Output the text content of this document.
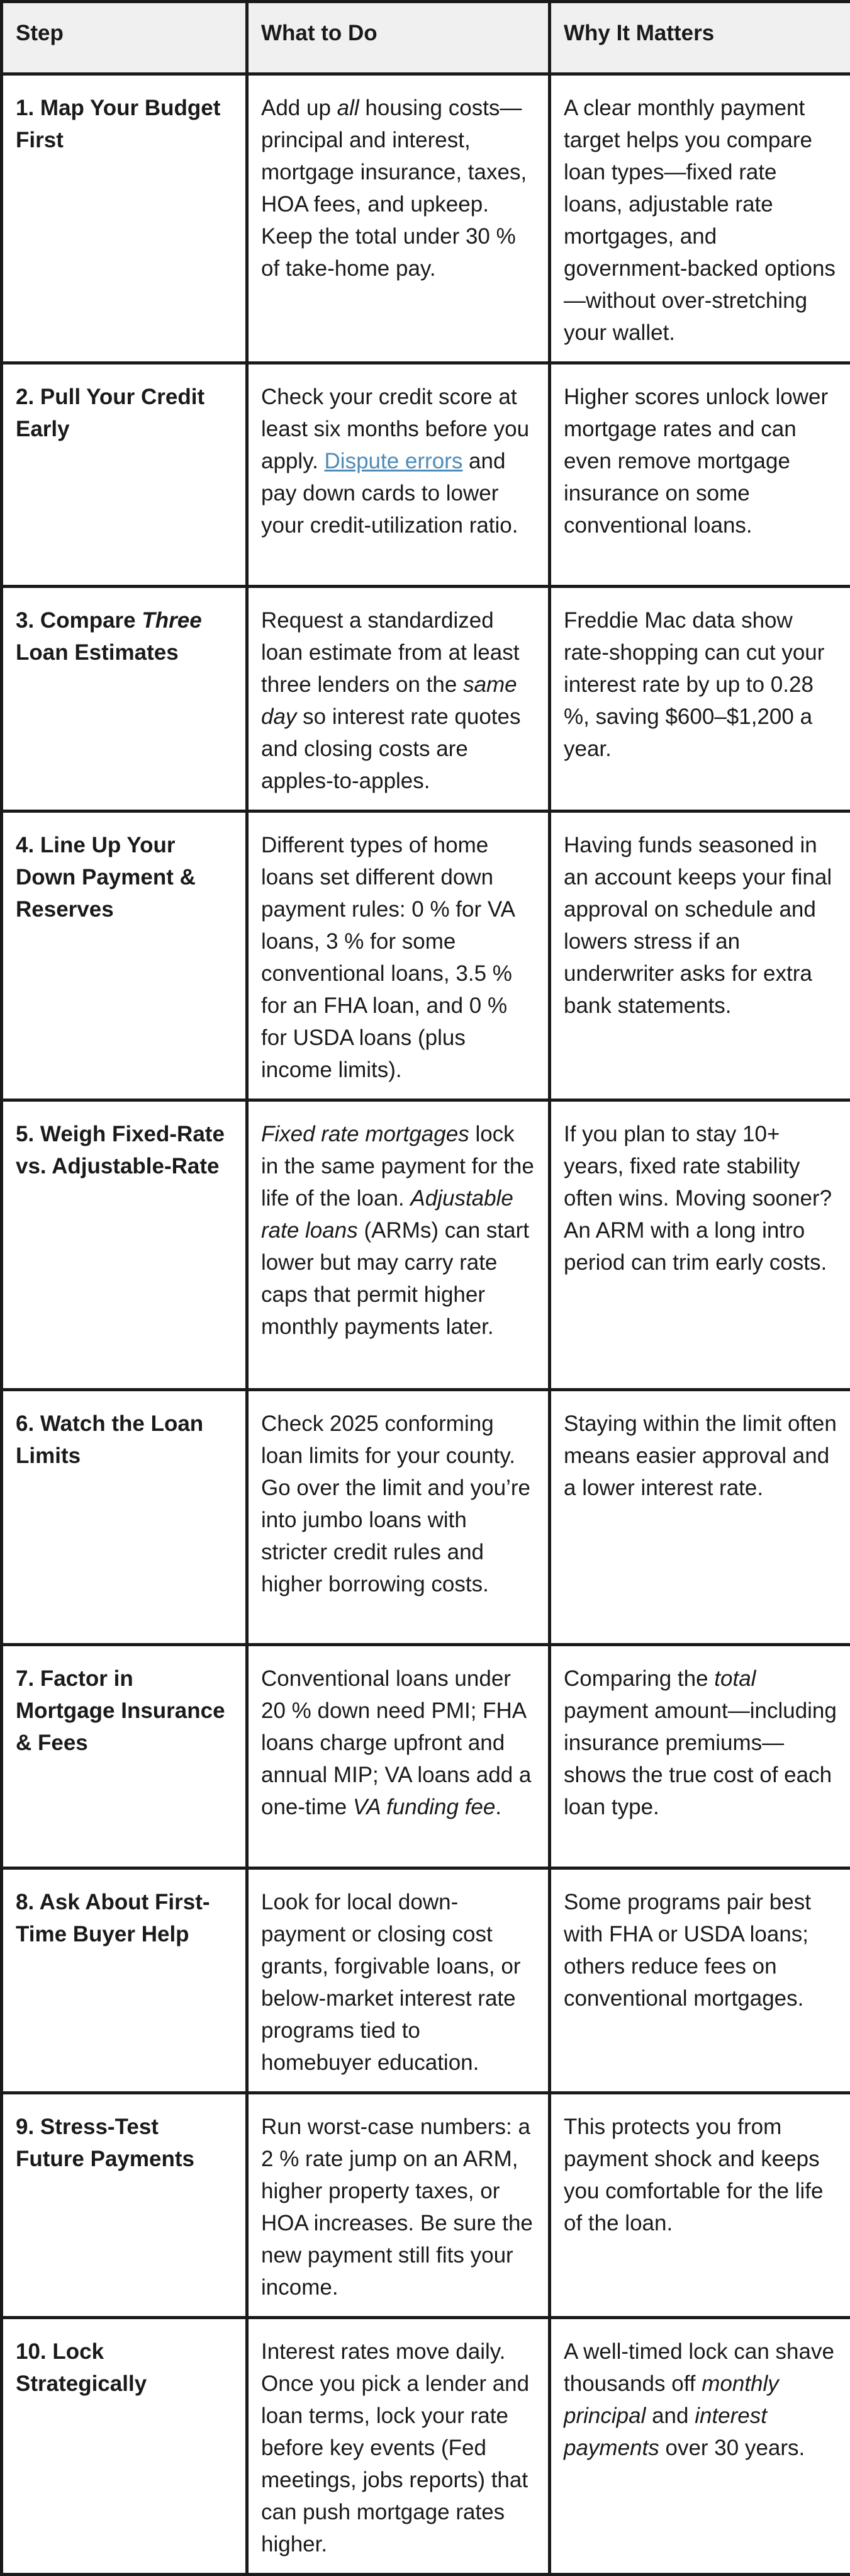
Step	What to Do	Why It Matters
1. Map Your Budget First	Add up all housing costs—principal and interest, mortgage insurance, taxes, HOA fees, and upkeep. Keep the total under 30 % of take-home pay.	A clear monthly payment target helps you compare loan types—fixed rate loans, adjustable rate mortgages, and government-backed options—without over-stretching your wallet.
2. Pull Your Credit Early	Check your credit score at least six months before you apply. Dispute errors and pay down cards to lower your credit-utilization ratio.	Higher scores unlock lower mortgage rates and can even remove mortgage insurance on some conventional loans.
3. Compare Three Loan Estimates	Request a standardized loan estimate from at least three lenders on the same day so interest rate quotes and closing costs are apples-to-apples.	Freddie Mac data show rate-shopping can cut your interest rate by up to 0.28 %, saving $600–$1,200 a year.
4. Line Up Your Down Payment & Reserves	Different types of home loans set different down payment rules: 0 % for VA loans, 3 % for some conventional loans, 3.5 % for an FHA loan, and 0 % for USDA loans (plus income limits).	Having funds seasoned in an account keeps your final approval on schedule and lowers stress if an underwriter asks for extra bank statements.
5. Weigh Fixed-Rate vs. Adjustable-Rate	Fixed rate mortgages lock in the same payment for the life of the loan. Adjustable rate loans (ARMs) can start lower but may carry rate caps that permit higher monthly payments later.	If you plan to stay 10+ years, fixed rate stability often wins. Moving sooner? An ARM with a long intro period can trim early costs.
6. Watch the Loan Limits	Check 2025 conforming loan limits for your county. Go over the limit and you’re into jumbo loans with stricter credit rules and higher borrowing costs.	Staying within the limit often means easier approval and a lower interest rate.
7. Factor in Mortgage Insurance & Fees	Conventional loans under 20 % down need PMI; FHA loans charge upfront and annual MIP; VA loans add a one-time VA funding fee.	Comparing the total payment amount—including insurance premiums—shows the true cost of each loan type.
8. Ask About First-Time Buyer Help	Look for local down-payment or closing cost grants, forgivable loans, or below-market interest rate programs tied to homebuyer education.	Some programs pair best with FHA or USDA loans; others reduce fees on conventional mortgages.
9. Stress-Test Future Payments	Run worst-case numbers: a 2 % rate jump on an ARM, higher property taxes, or HOA increases. Be sure the new payment still fits your income.	This protects you from payment shock and keeps you comfortable for the life of the loan.
10. Lock Strategically	Interest rates move daily. Once you pick a lender and loan terms, lock your rate before key events (Fed meetings, jobs reports) that can push mortgage rates higher.	A well-timed lock can shave thousands off monthly principal and interest payments over 30 years.
